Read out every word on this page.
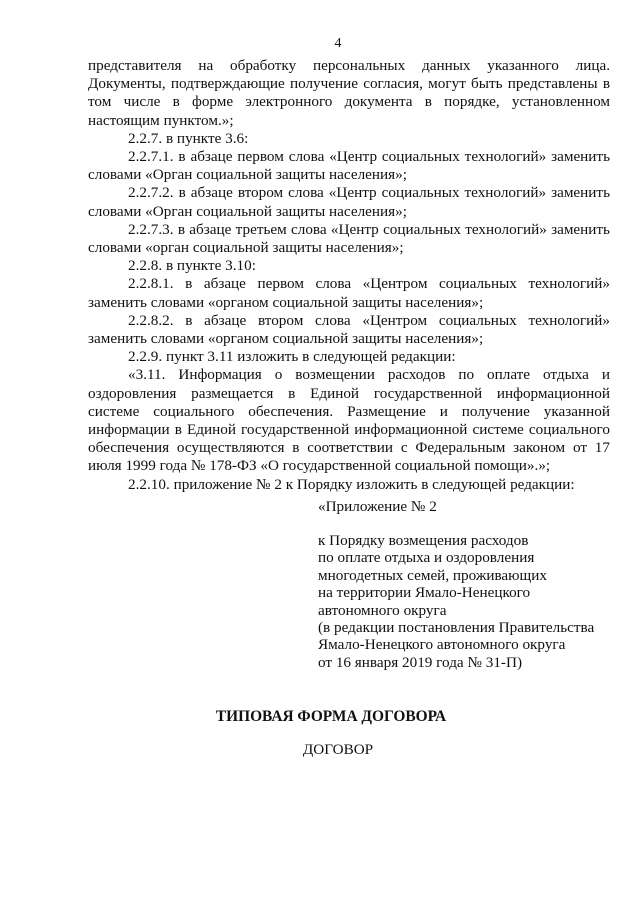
4

представителя на обработку персональных данных указанного лица. Документы, подтверждающие получение согласия, могут быть представлены в том числе в форме электронного документа в порядке, установленном настоящим пунктом.»;

2.2.7. в пункте 3.6:

2.2.7.1. в абзаце первом слова «Центр социальных технологий» заменить словами «Орган социальной защиты населения»;

2.2.7.2. в абзаце втором слова «Центр социальных технологий» заменить словами «Орган социальной защиты населения»;

2.2.7.3. в абзаце третьем слова «Центр социальных технологий» заменить словами «орган социальной защиты населения»;

2.2.8. в пункте 3.10:

2.2.8.1. в абзаце первом слова «Центром социальных технологий» заменить словами «органом социальной защиты населения»;

2.2.8.2. в абзаце втором слова «Центром социальных технологий» заменить словами «органом социальной защиты населения»;

2.2.9. пункт 3.11 изложить в следующей редакции:

«3.11. Информация о возмещении расходов по оплате отдыха и оздоровления размещается в Единой государственной информационной системе социального обеспечения. Размещение и получение указанной информации в Единой государственной информационной системе социального обеспечения осуществляются в соответствии с Федеральным законом от 17 июля 1999 года № 178-ФЗ «О государственной социальной помощи».»;

2.2.10. приложение № 2 к Порядку изложить в следующей редакции:

«Приложение № 2
к Порядку возмещения расходов
по оплате отдыха и оздоровления
многодетных семей, проживающих
на территории Ямало-Ненецкого
автономного округа
(в редакции постановления Правительства
Ямало-Ненецкого автономного округа
от 16 января 2019 года № 31-П)
ТИПОВАЯ ФОРМА ДОГОВОРА
ДОГОВОР
